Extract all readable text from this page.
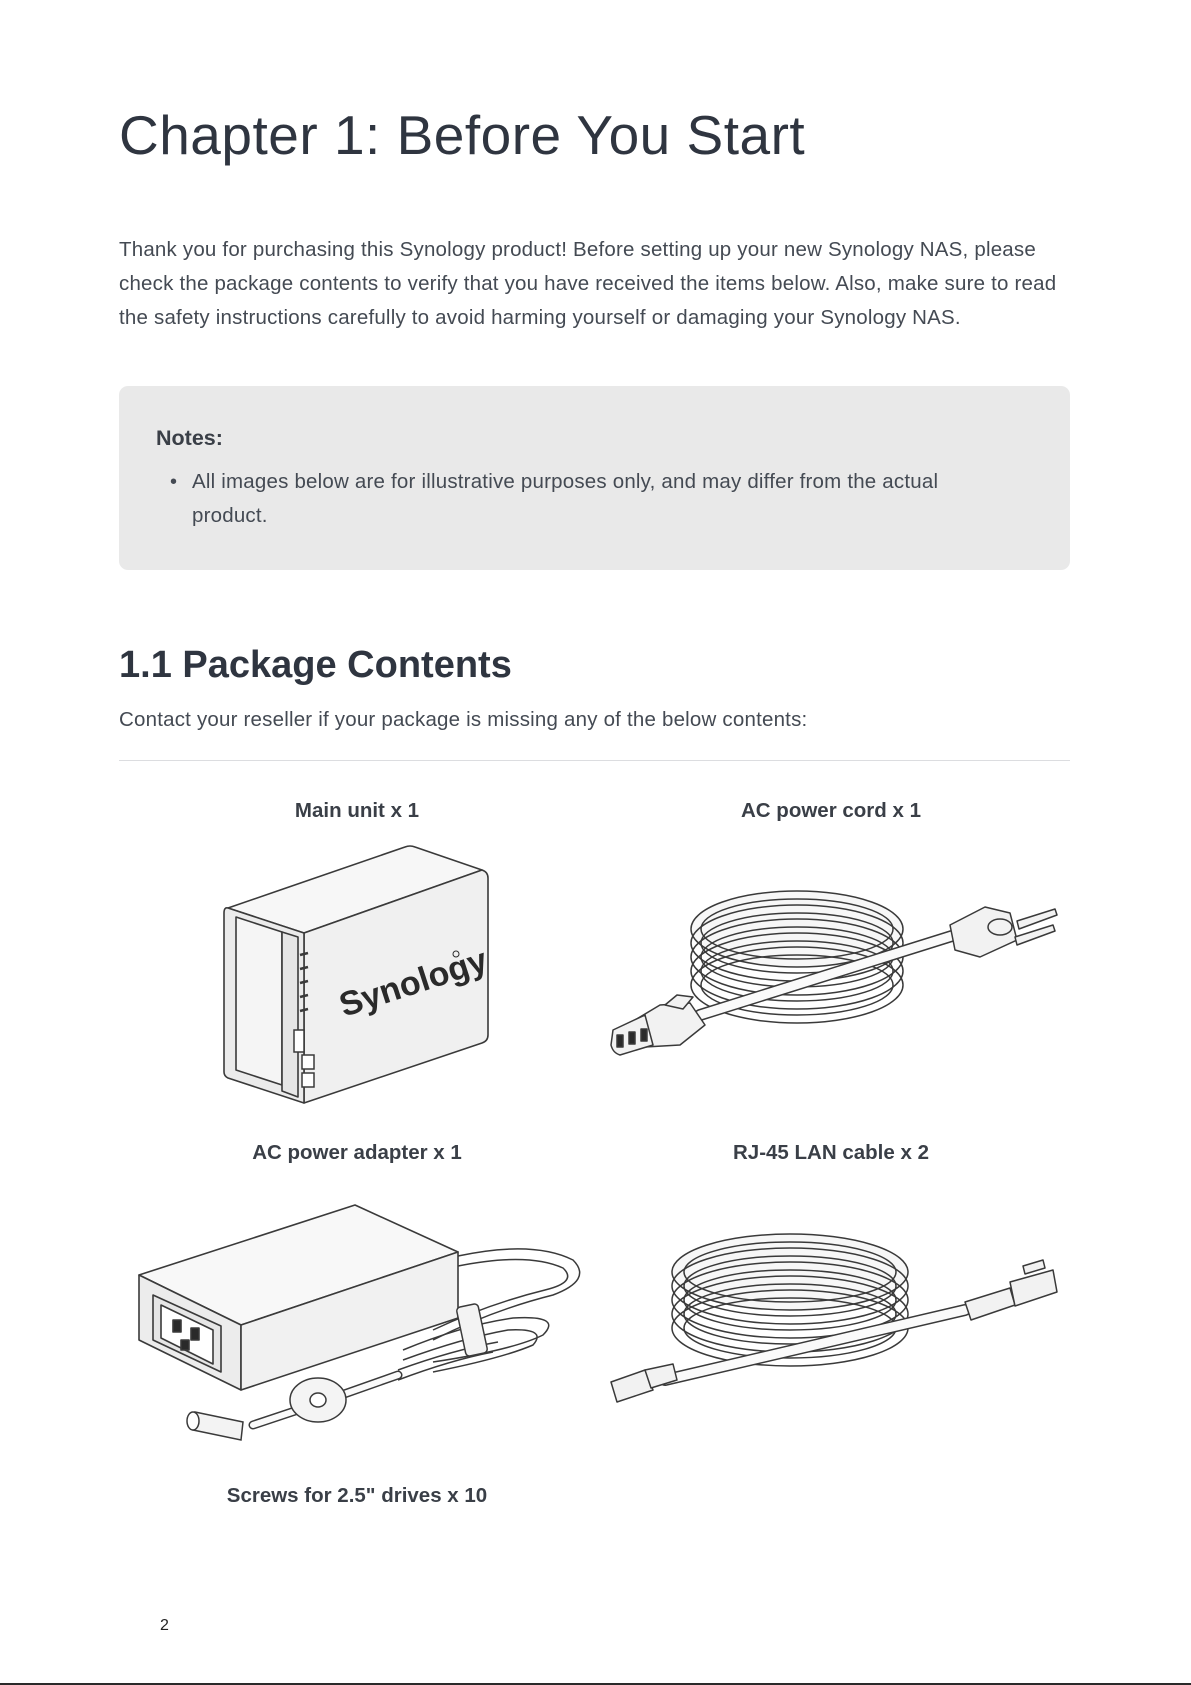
Chapter 1: Before You Start

Thank you for purchasing this Synology product! Before setting up your new Synology NAS, please check the package contents to verify that you have received the items below. Also, make sure to read the safety instructions carefully to avoid harming yourself or damaging your Synology NAS.

Notes:

• All images below are for illustrative purposes only, and may differ from the actual product.
1.1 Package Contents

Contact your reseller if your package is missing any of the below contents:

Main unit x 1

Synology

AC power cord x 1

AC power adapter x 1	RJ-45 LAN cable x 2

Screws for 2.5" drives x 10

2
